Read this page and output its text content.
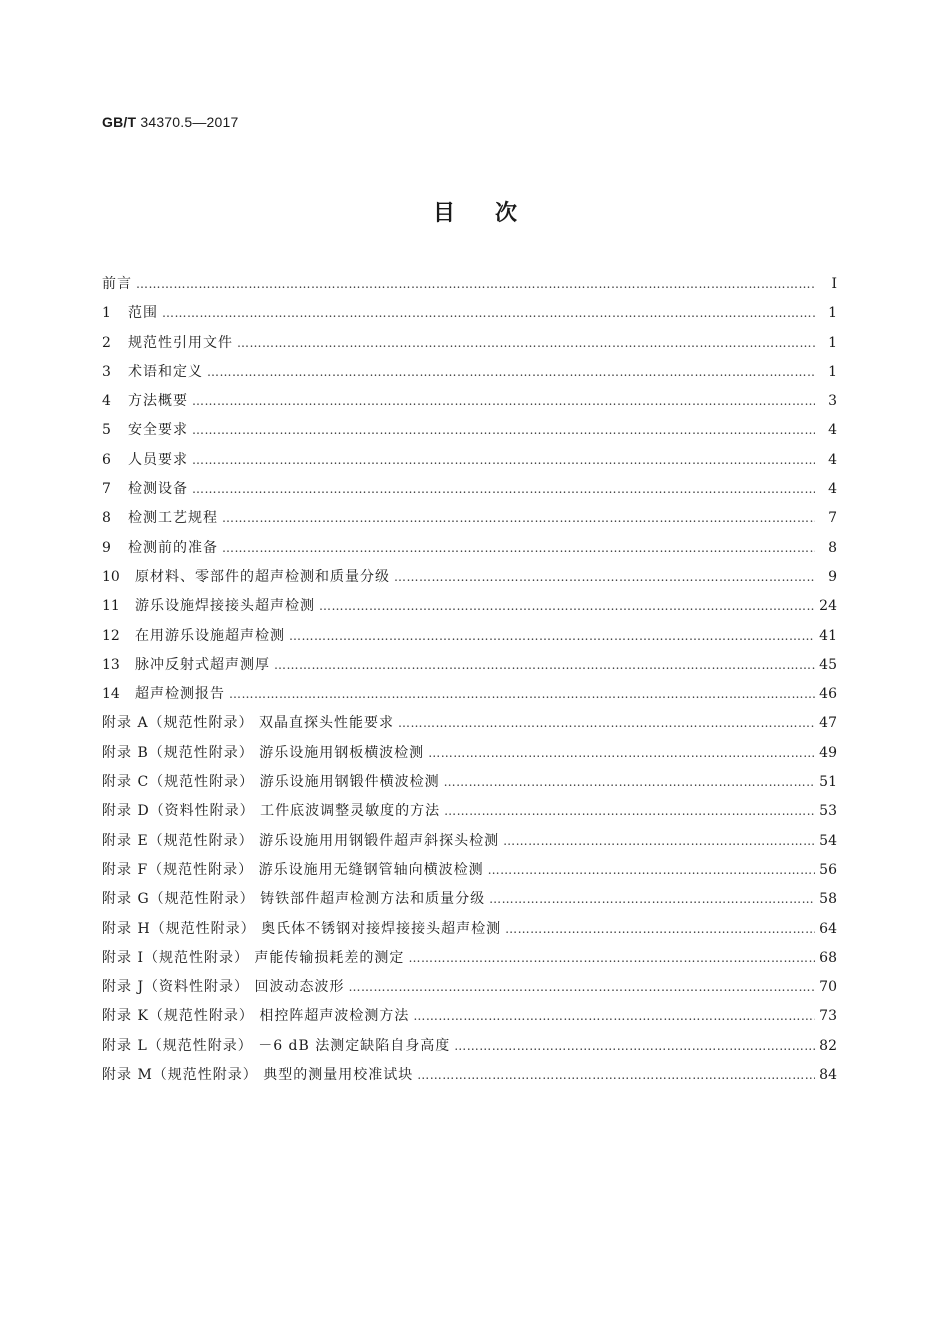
GB/T 34370.5—2017
目 次
前言 …………………………………………………………………………………………………………………………………………………………………………………………………………	Ⅰ
1 范围 …………………………………………………………………………………………………………………………………………………………………………………………………………	1
2 规范性引用文件 …………………………………………………………………………………………………………………………………………………………………………………………………………	1
3 术语和定义 …………………………………………………………………………………………………………………………………………………………………………………………………………	1
4 方法概要 …………………………………………………………………………………………………………………………………………………………………………………………………………	3
5 安全要求 …………………………………………………………………………………………………………………………………………………………………………………………………………	4
6 人员要求 …………………………………………………………………………………………………………………………………………………………………………………………………………	4
7 检测设备 …………………………………………………………………………………………………………………………………………………………………………………………………………	4
8 检测工艺规程 …………………………………………………………………………………………………………………………………………………………………………………………………………	7
9 检测前的准备 …………………………………………………………………………………………………………………………………………………………………………………………………………	8
10 原材料、零部件的超声检测和质量分级 …………………………………………………………………………………………………………………………………………………………………………………………………………	9
11 游乐设施焊接接头超声检测 …………………………………………………………………………………………………………………………………………………………………………………………………………	24
12 在用游乐设施超声检测 …………………………………………………………………………………………………………………………………………………………………………………………………………	41
13 脉冲反射式超声测厚 …………………………………………………………………………………………………………………………………………………………………………………………………………	45
14 超声检测报告 …………………………………………………………………………………………………………………………………………………………………………………………………………	46
附录 A（规范性附录） 双晶直探头性能要求 …………………………………………………………………………………………………………………………………………………………………………………………………………	47
附录 B（规范性附录） 游乐设施用钢板横波检测 …………………………………………………………………………………………………………………………………………………………………………………………………………	49
附录 C（规范性附录） 游乐设施用钢锻件横波检测 …………………………………………………………………………………………………………………………………………………………………………………………………………	51
附录 D（资料性附录） 工件底波调整灵敏度的方法 …………………………………………………………………………………………………………………………………………………………………………………………………………	53
附录 E（规范性附录） 游乐设施用用钢锻件超声斜探头检测 …………………………………………………………………………………………………………………………………………………………………………………………………………	54
附录 F（规范性附录） 游乐设施用无缝钢管轴向横波检测 …………………………………………………………………………………………………………………………………………………………………………………………………………	56
附录 G（规范性附录） 铸铁部件超声检测方法和质量分级 …………………………………………………………………………………………………………………………………………………………………………………………………………	58
附录 H（规范性附录） 奥氏体不锈钢对接焊接接头超声检测 …………………………………………………………………………………………………………………………………………………………………………………………………………	64
附录 I（规范性附录） 声能传输损耗差的测定 …………………………………………………………………………………………………………………………………………………………………………………………………………	68
附录 J（资料性附录） 回波动态波形 …………………………………………………………………………………………………………………………………………………………………………………………………………	70
附录 K（规范性附录） 相控阵超声波检测方法 …………………………………………………………………………………………………………………………………………………………………………………………………………	73
附录 L（规范性附录） －6 dB 法测定缺陷自身高度 …………………………………………………………………………………………………………………………………………………………………………………………………………	82
附录 M（规范性附录） 典型的测量用校准试块 …………………………………………………………………………………………………………………………………………………………………………………………………………	84
